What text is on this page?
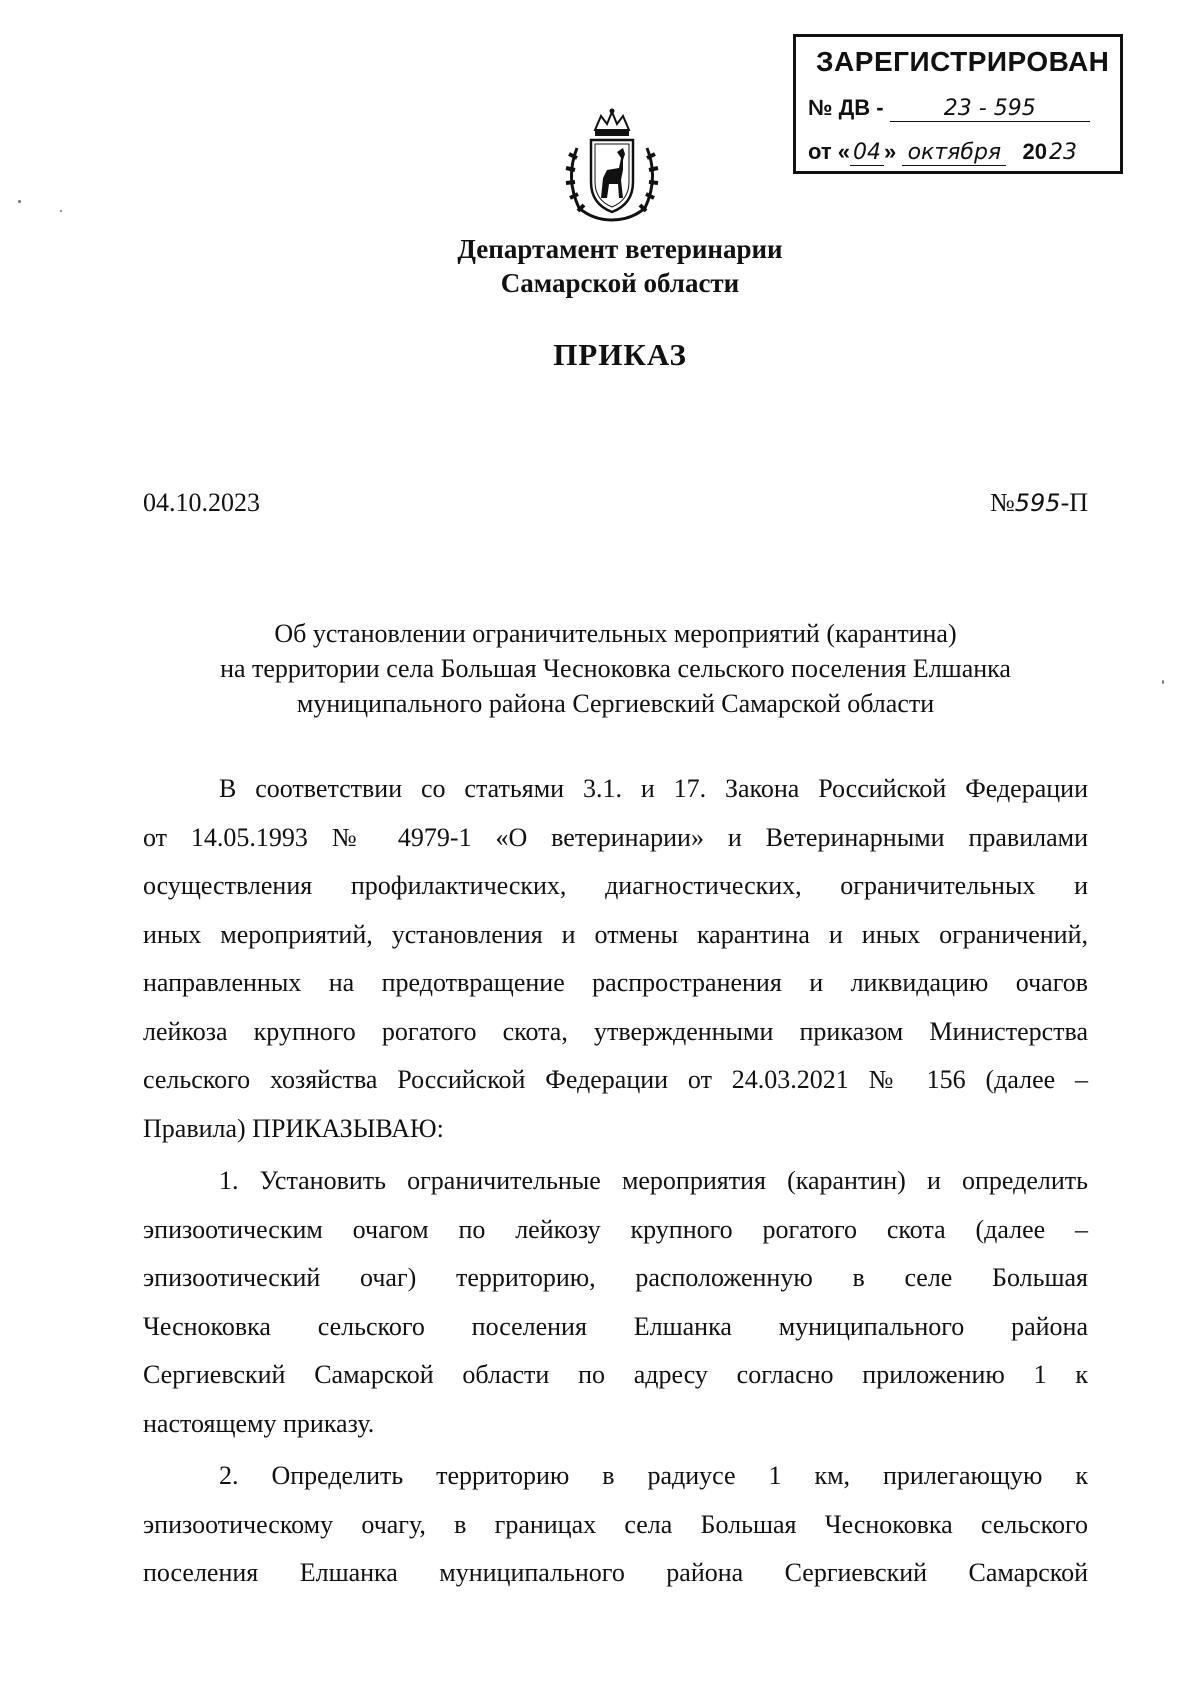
ЗАРЕГИСТРИРОВАН
№ ДВ -	23 - 595
от « 04 » октября 2023
Департамент ветеринарии
Самарской области
ПРИКАЗ
04.10.2023	№595-П
Об установлении ограничительных мероприятий (карантина)
на территории села Большая Чесноковка сельского поселения Елшанка
муниципального района Сергиевский Самарской области
В соответствии со статьями 3.1. и 17. Закона Российской Федерации
от 14.05.1993 № 4979-1 «О ветеринарии» и Ветеринарными правилами
осуществления профилактических, диагностических, ограничительных и
иных мероприятий, установления и отмены карантина и иных ограничений,
направленных на предотвращение распространения и ликвидацию очагов
лейкоза крупного рогатого скота, утвержденными приказом Министерства
сельского хозяйства Российской Федерации от 24.03.2021 № 156 (далее –
Правила) ПРИКАЗЫВАЮ:
1. Установить ограничительные мероприятия (карантин) и определить
эпизоотическим очагом по лейкозу крупного рогатого скота (далее –
эпизоотический очаг) территорию, расположенную в селе Большая
Чесноковка сельского поселения Елшанка муниципального района
Сергиевский Самарской области по адресу согласно приложению 1 к
настоящему приказу.
2. Определить территорию в радиусе 1 км, прилегающую к
эпизоотическому очагу, в границах села Большая Чесноковка сельского
поселения Елшанка муниципального района Сергиевский Самарской
